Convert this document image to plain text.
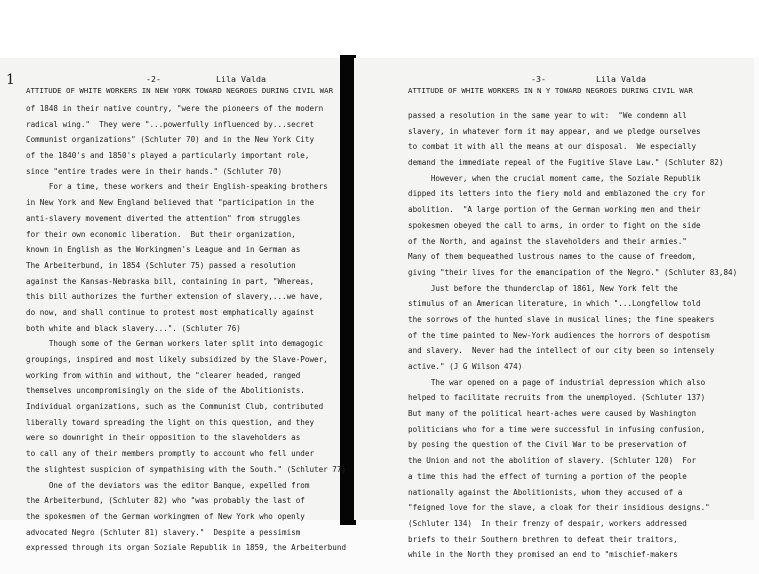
1	-2-	Lila Valda
ATTITUDE OF WHITE WORKERS IN NEW YORK TOWARD NEGROES DURING CIVIL WAR
-3-	Lila Valda
ATTITUDE OF WHITE WORKERS IN N Y TOWARD NEGROES DURING CIVIL WAR
of 1848 in their native country, "were the pioneers of the modern
radical wing."  They were "...powerfully influenced by...secret
Communist organizations" (Schluter 70) and in the New York City
of the 1840's and 1850's played a particularly important role,
since "entire trades were in their hands." (Schluter 70)
For a time, these workers and their English-speaking brothers
in New York and New England believed that "participation in the
anti-slavery movement diverted the attention" from struggles
for their own economic liberation.  But their organization,
known in English as the Workingmen's League and in German as
The Arbeiterbund, in 1854 (Schluter 75) passed a resolution
against the Kansas-Nebraska bill, containing in part, "Whereas,
this bill authorizes the further extension of slavery,...we have,
do now, and shall continue to protest most emphatically against
both white and black slavery...". (Schluter 76)
Though some of the German workers later split into demagogic
groupings, inspired and most likely subsidized by the Slave-Power,
working from within and without, the "clearer headed, ranged
themselves uncompromisingly on the side of the Abolitionists.
Individual organizations, such as the Communist Club, contributed
liberally toward spreading the light on this question, and they
were so downright in their opposition to the slaveholders as
to call any of their members promptly to account who fell under
the slightest suspicion of sympathising with the South." (Schluter 77)
One of the deviators was the editor Banque, expelled from
the Arbeiterbund, (Schluter 82) who "was probably the last of
the spokesmen of the German workingmen of New York who openly
advocated Negro (Schluter 81) slavery."  Despite a pessimism
expressed through its organ Soziale Republik in 1859, the Arbeiterbund
passed a resolution in the same year to wit:  "We condemn all
slavery, in whatever form it may appear, and we pledge ourselves
to combat it with all the means at our disposal.  We especially
demand the immediate repeal of the Fugitive Slave Law." (Schluter 82)
However, when the crucial moment came, the Soziale Republik
dipped its letters into the fiery mold and emblazoned the cry for
abolition.  "A large portion of the German working men and their
spokesmen obeyed the call to arms, in order to fight on the side
of the North, and against the slaveholders and their armies."
Many of them bequeathed lustrous names to the cause of freedom,
giving "their lives for the emancipation of the Negro." (Schluter 83,84)
Just before the thunderclap of 1861, New York felt the
stimulus of an American literature, in which "...Longfellow told
the sorrows of the hunted slave in musical lines; the fine speakers
of the time painted to New-York audiences the horrors of despotism
and slavery.  Never had the intellect of our city been so intensely
active." (J G Wilson 474)
The war opened on a page of industrial depression which also
helped to facilitate recruits from the unemployed. (Schluter 137)
But many of the political heart-aches were caused by Washington
politicians who for a time were successful in infusing confusion,
by posing the question of the Civil War to be preservation of
the Union and not the abolition of slavery. (Schluter 120)  For
a time this had the effect of turning a portion of the people
nationally against the Abolitionists, whom they accused of a
"feigned love for the slave, a cloak for their insidious designs."
(Schluter 134)  In their frenzy of despair, workers addressed
briefs to their Southern brethren to defeat their traitors,
while in the North they promised an end to "mischief-makers
